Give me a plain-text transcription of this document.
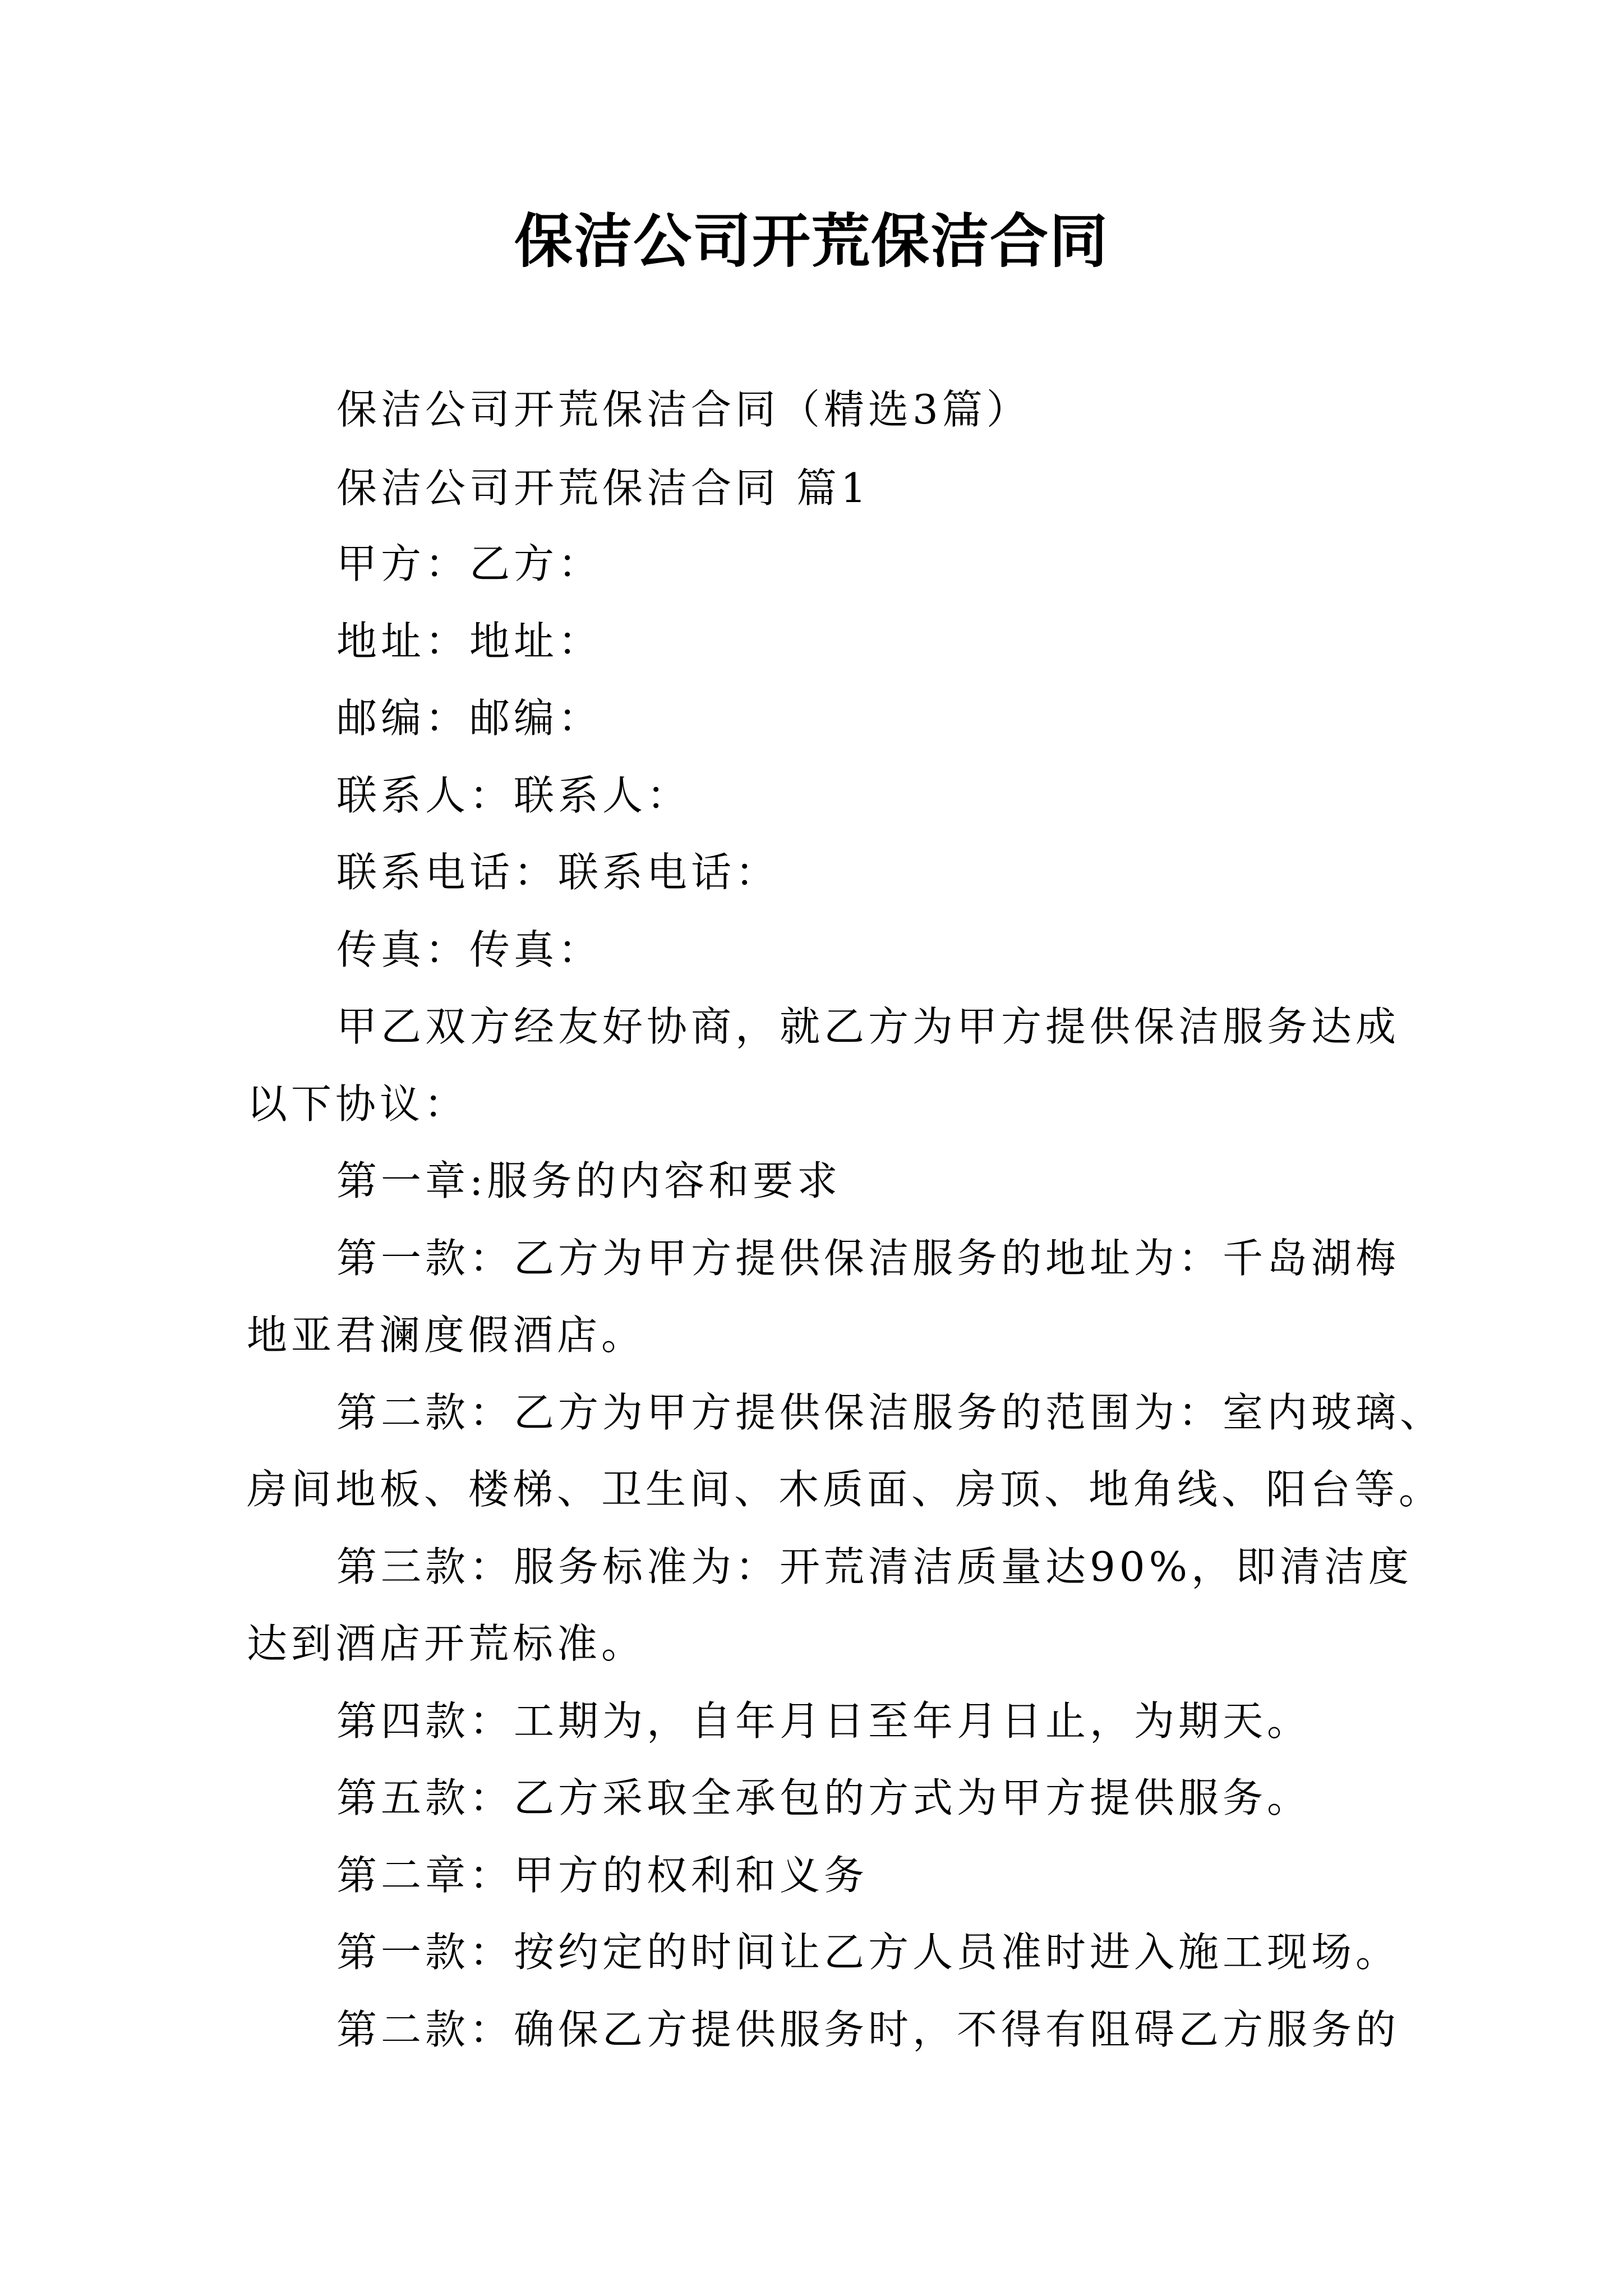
保洁公司开荒保洁合同
保洁公司开荒保洁合同（精选3篇）
保洁公司开荒保洁合同 篇1
甲方：乙方：
地址：地址：
邮编：邮编：
联系人：联系人：
联系电话：联系电话：
传真：传真：
甲乙双方经友好协商，就乙方为甲方提供保洁服务达成
以下协议：
第一章:服务的内容和要求
第一款：乙方为甲方提供保洁服务的地址为：千岛湖梅
地亚君澜度假酒店。
第二款：乙方为甲方提供保洁服务的范围为：室内玻璃、
房间地板、楼梯、卫生间、木质面、房顶、地角线、阳台等。
第三款：服务标准为：开荒清洁质量达90%，即清洁度
达到酒店开荒标准。
第四款：工期为，自年月日至年月日止，为期天。
第五款：乙方采取全承包的方式为甲方提供服务。
第二章：甲方的权利和义务
第一款：按约定的时间让乙方人员准时进入施工现场。
第二款：确保乙方提供服务时，不得有阻碍乙方服务的
